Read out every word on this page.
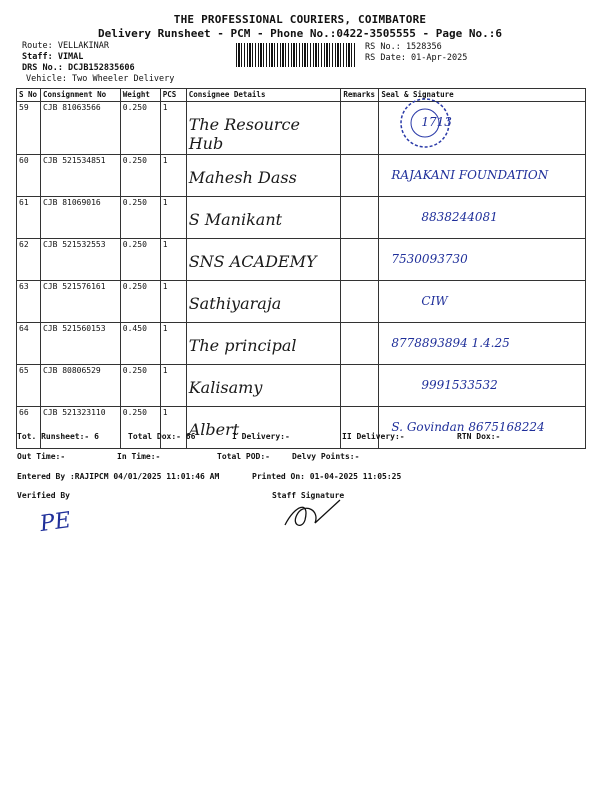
THE PROFESSIONAL COURIERS, COIMBATORE
Delivery Runsheet - PCM - Phone No.:0422-3505555 - Page No.:6
Route: VELLAKINAR
Staff: VIMAL
DRS No.: DCJB152835606
Vehicle: Two Wheeler Delivery
RS No.: 1528356
RS Date: 01-Apr-2025
S No	Consignment No	Weight	PCS	Consignee Details	Remarks	Seal & Signature
59	CJB 81063566	0.250	1	The Resource Hub		1713

60	CJB 521534851	0.250	1	Mahesh Dass		RAJAKANI FOUNDATION

61	CJB 81069016	0.250	1	S Manikant		8838244081

62	CJB 521532553	0.250	1	SNS ACADEMY		7530093730

63	CJB 521576161	0.250	1	Sathiyaraja		CIW

64	CJB 521560153	0.450	1	The principal		8778893894 1.4.25

65	CJB 80806529	0.250	1	Kalisamy		9991533532

66	CJB 521323110	0.250	1	Albert		S. Govindan 8675168224
Tot. Runsheet:- 6	Total Dox:- 66	I Delivery:-	II Delivery:-	RTN Dox:-
Out Time:-	In Time:-	Total POD:-	Delvy Points:-
Entered By :RAJIPCM 04/01/2025 11:01:46 AM	Printed On: 01-04-2025 11:05:25
Verified By	Staff Signature
PE
